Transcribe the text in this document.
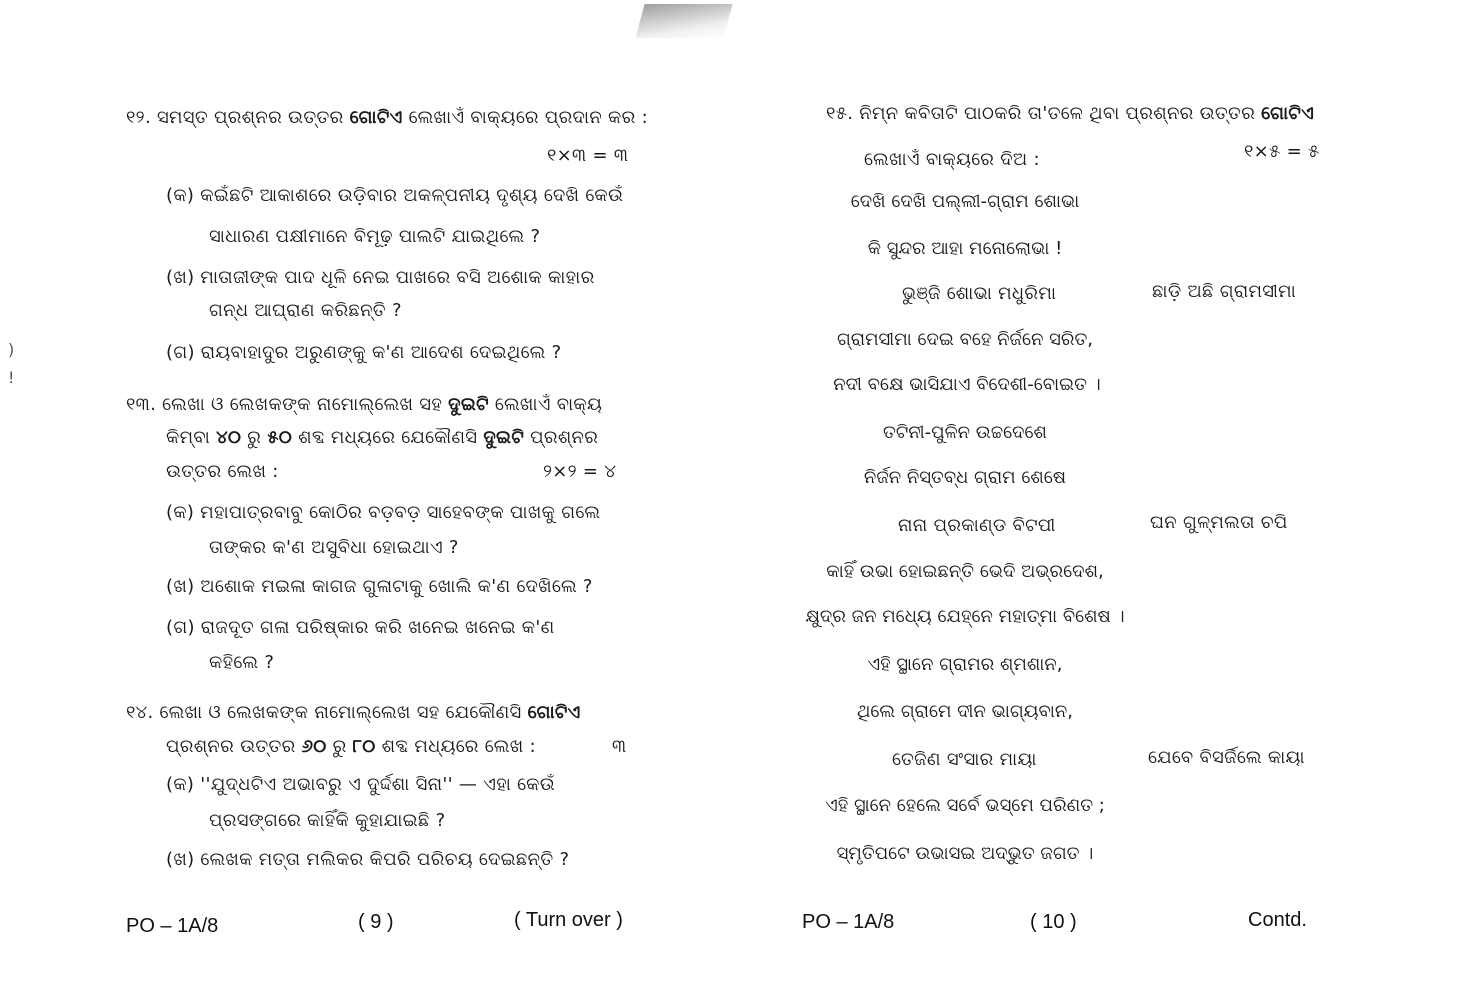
)
!
୧୨. ସମସ୍ତ ପ୍ରଶ୍ନର ଉତ୍ତର ଗୋଟିଏ ଲେଖାଏଁ ବାକ୍ୟରେ ପ୍ରଦାନ କର :
୧×୩ = ୩
(କ) କଇଁଛଟି ଆକାଶରେ ଉଡ଼ିବାର ଅକଳ୍ପନୀୟ ଦୃଶ୍ୟ ଦେଖି କେଉଁ
ସାଧାରଣ ପକ୍ଷୀମାନେ ବିମୂଢ଼ ପାଲଟି ଯାଇଥିଲେ ?
(ଖ) ମାତାଜୀଙ୍କ ପାଦ ଧୂଳି ନେଇ ପାଖରେ ବସି ଅଶୋକ କାହାର
ଗନ୍ଧ ଆଘ୍ରାଣ କରିଛନ୍ତି ?
(ଗ) ରାୟବାହାଦୁର ଅରୁଣଙ୍କୁ କ'ଣ ଆଦେଶ ଦେଇଥିଲେ ?
୧୩. ଲେଖା ଓ ଲେଖକଙ୍କ ନାମୋଲ୍ଲେଖ ସହ ଦୁଇଟି ଲେଖାଏଁ ବାକ୍ୟ
କିମ୍ବା ୪୦ ରୁ ୫୦ ଶବ୍ଦ ମଧ୍ୟରେ ଯେକୌଣସି ଦୁଇଟି ପ୍ରଶ୍ନର
ଉତ୍ତର ଲେଖ :	୨×୨ = ୪
(କ) ମହାପାତ୍ରବାବୁ କୋଠିର ବଡ଼ବଡ଼ ସାହେବଙ୍କ ପାଖକୁ ଗଲେ
ତାଙ୍କର କ'ଣ ଅସୁବିଧା ହୋଇଥାଏ ?
(ଖ) ଅଶୋକ ମଇଳା କାଗଜ ଗୁଳାଟାକୁ ଖୋଲି କ'ଣ ଦେଖିଲେ ?
(ଗ) ରାଜଦୂତ ଗଳା ପରିଷ୍କାର କରି ଖନେଇ ଖନେଇ କ'ଣ
କହିଲେ ?
୧୪. ଲେଖା ଓ ଲେଖକଙ୍କ ନାମୋଲ୍ଲେଖ ସହ ଯେକୌଣସି ଗୋଟିଏ
ପ୍ରଶ୍ନର ଉତ୍ତର ୬୦ ରୁ ୮୦ ଶବ୍ଦ ମଧ୍ୟରେ ଲେଖ :	୩
(କ) ''ଯୁଦ୍ଧଟିଏ ଅଭାବରୁ ଏ ଦୁର୍ଦ୍ଦଶା ସିନା'' — ଏହା କେଉଁ
ପ୍ରସଙ୍ଗରେ କାହିଁକି କୁହାଯାଇଛି ?
(ଖ) ଲେଖକ ମତ୍ତା ମଲିକର କିପରି ପରିଚୟ ଦେଇଛନ୍ତି ?
PO – 1A/8	( 9 )	( Turn over )
୧୫. ନିମ୍ନ କବିତାଟି ପାଠକରି ତା'ତଳେ ଥିବା ପ୍ରଶ୍ନର ଉତ୍ତର ଗୋଟିଏ
ଲେଖାଏଁ ବାକ୍ୟରେ ଦିଅ :	୧×୫ = ୫
ଦେଖି ଦେଖି ପଲ୍ଲୀ-ଗ୍ରାମ ଶୋଭା
କି ସୁନ୍ଦର ଆହା ମନୋଲୋଭା !
ଭୁଞ୍ଜି ଶୋଭା ମଧୁରିମା	ଛାଡ଼ି ଅଛି ଗ୍ରାମସୀମା
ଗ୍ରାମସୀମା ଦେଇ ବହେ ନିର୍ଜନେ ସରିତ,
ନଦୀ ବକ୍ଷେ ଭାସିଯାଏ ବିଦେଶୀ-ବୋଇତ ।
ତଟିନୀ-ପୁଳିନ ଉଚ୍ଚଦେଶେ
ନିର୍ଜନ ନିସ୍ତବ୍ଧ ଗ୍ରାମ ଶେଷେ
ନାନା ପ୍ରକାଣ୍ଡ ବିଟପୀ	ଘନ ଗୁଳ୍ମଲତା ଚପି
କାହିଁ ଉଭା ହୋଇଛନ୍ତି ଭେଦି ଅଭ୍ରଦେଶ,
କ୍ଷୁଦ୍ର ଜନ ମଧ୍ୟେ ଯେହ୍ନେ ମହାତ୍ମା ବିଶେଷ ।
ଏହି ସ୍ଥାନେ ଗ୍ରାମର ଶ୍ମଶାନ,
ଥିଲେ ଗ୍ରାମେ ଦୀନ ଭାଗ୍ୟବାନ,
ତେଜିଣ ସଂସାର ମାୟା	ଯେବେ ବିସର୍ଜିଲେ କାୟା
ଏହି ସ୍ଥାନେ ହେଲେ ସର୍ବେ ଭସ୍ମେ ପରିଣତ ;
ସ୍ମୃତିପଟେ ଉଭାସଇ ଅଦ୍ଭୁତ ଜଗତ ।
PO – 1A/8	( 10 )	Contd.
